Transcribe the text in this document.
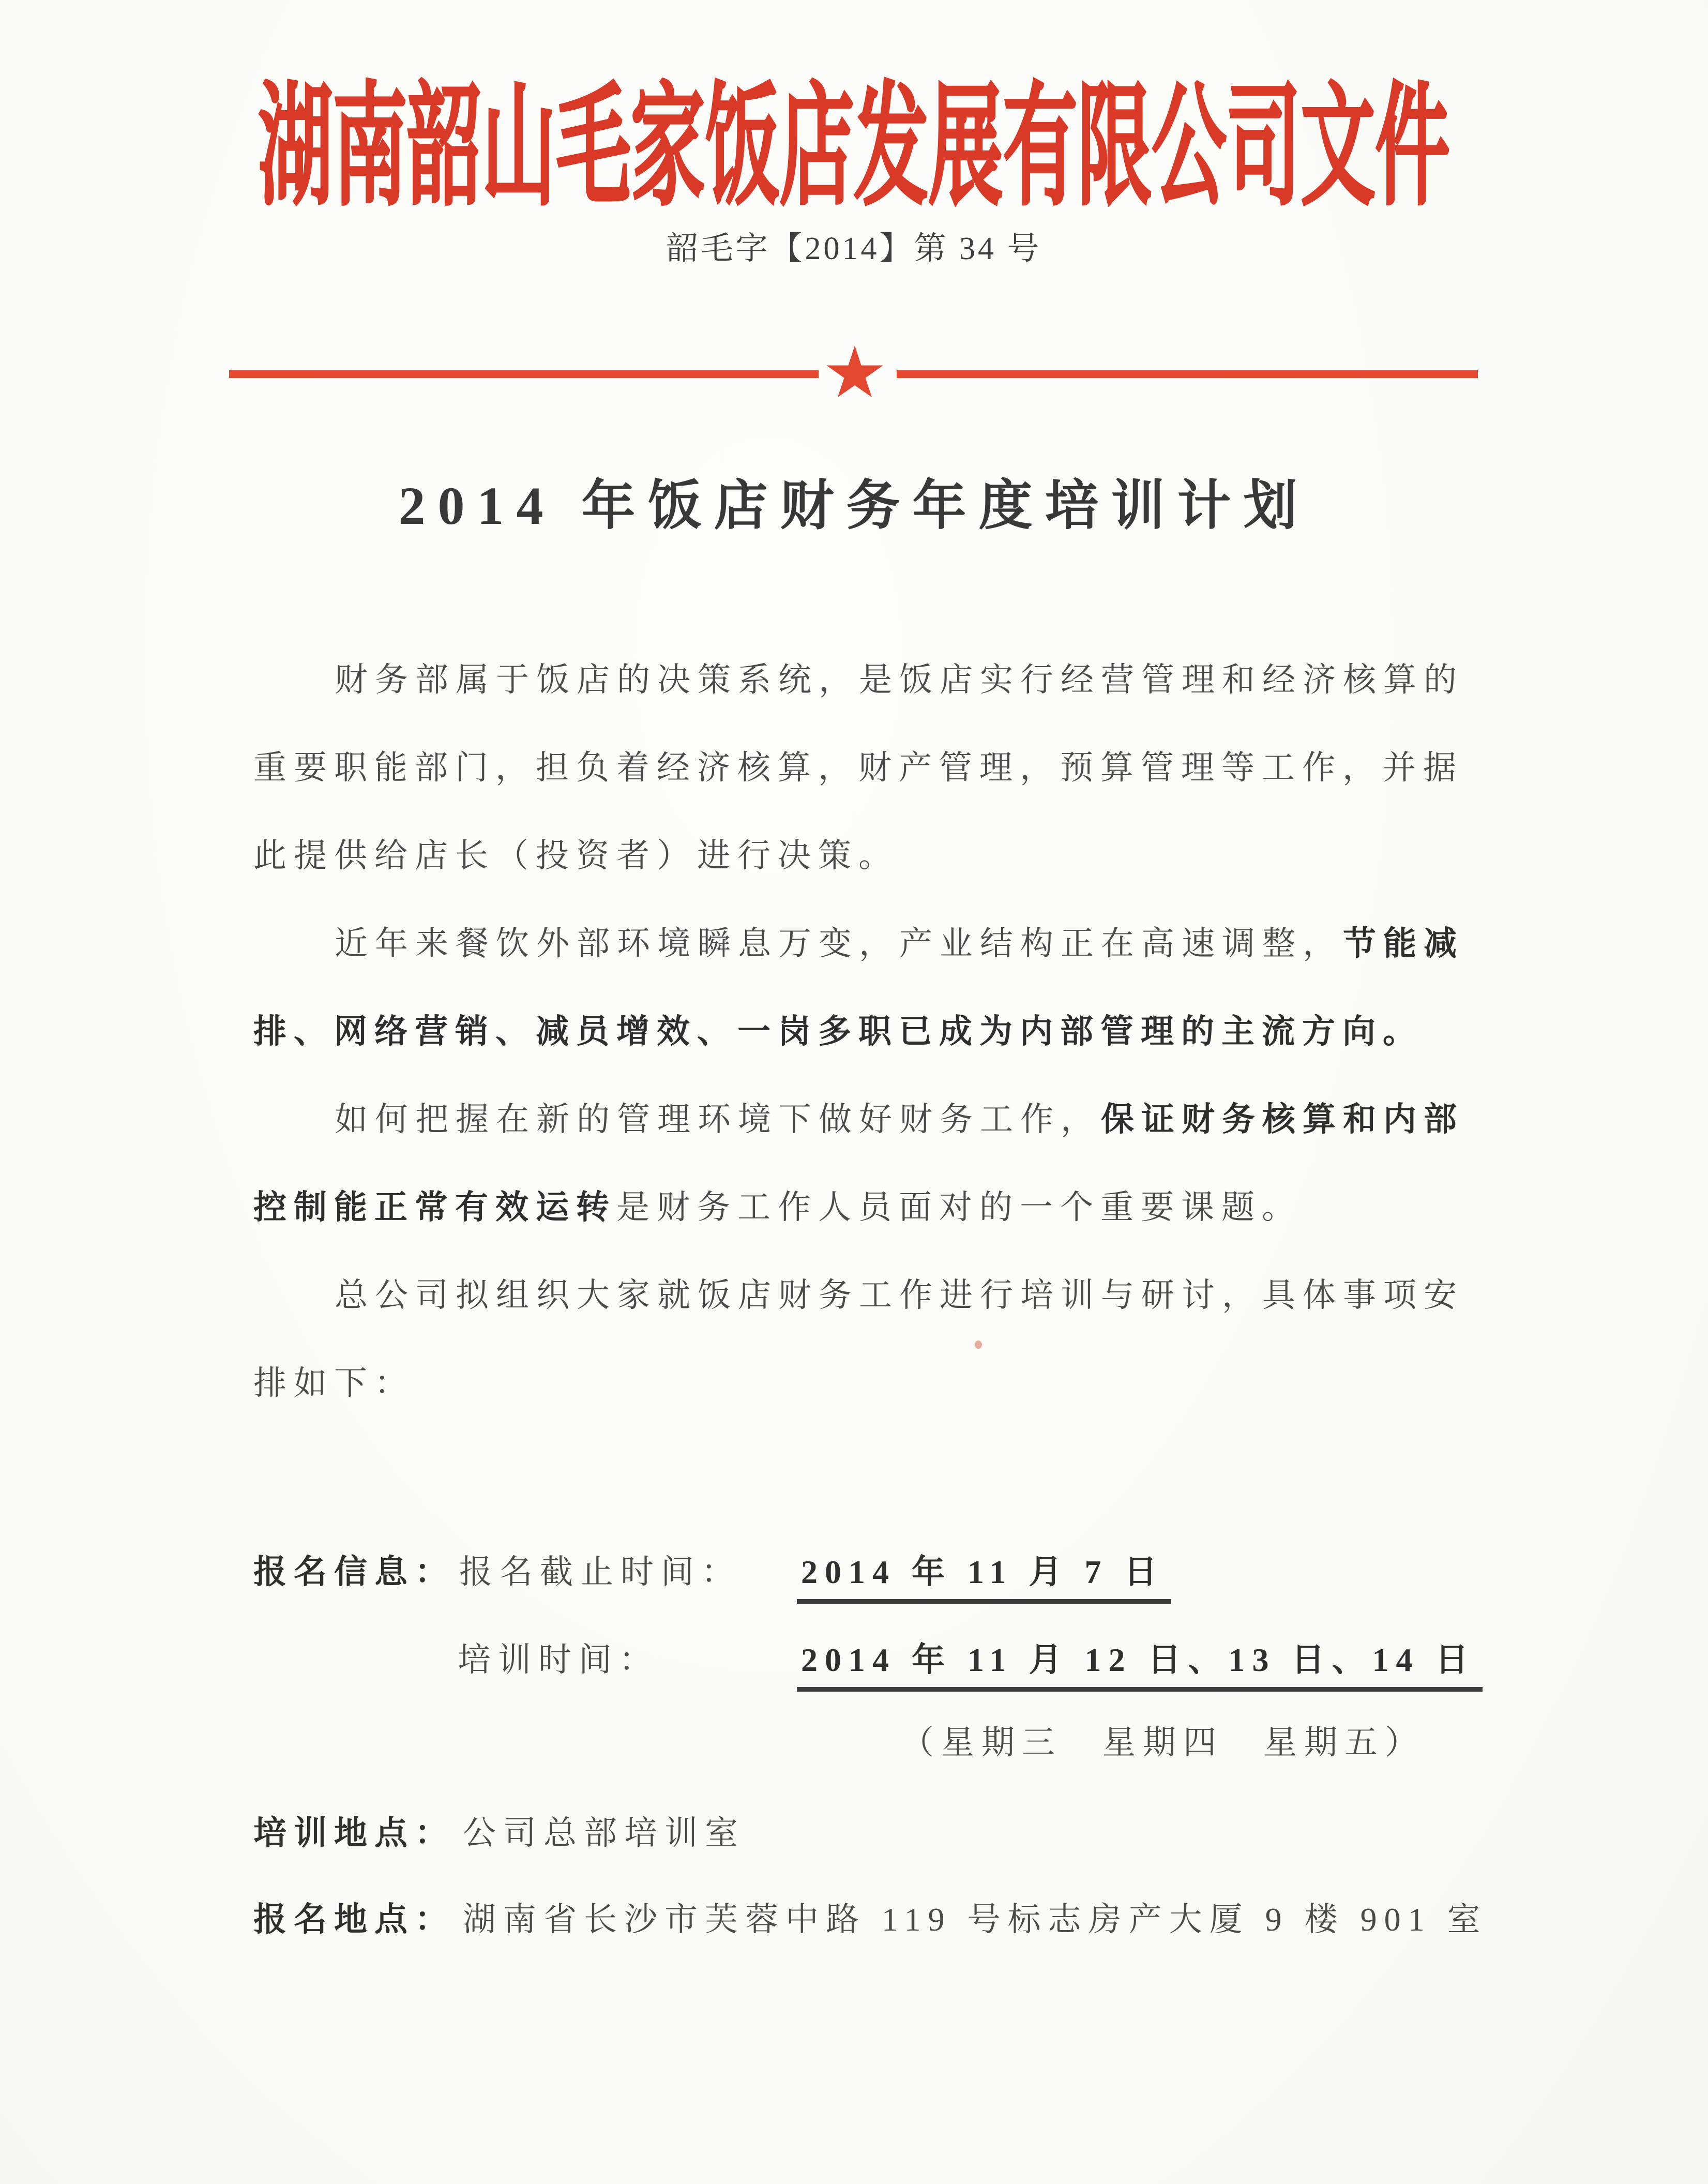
湖南韶山毛家饭店发展有限公司文件
韶毛字【2014】第 34 号
2014 年饭店财务年度培训计划
财务部属于饭店的决策系统，是饭店实行经营管理和经济核算的
重要职能部门，担负着经济核算，财产管理，预算管理等工作，并据
此提供给店长（投资者）进行决策。
近年来餐饮外部环境瞬息万变，产业结构正在高速调整，节能减
排、网络营销、减员增效、一岗多职已成为内部管理的主流方向。
如何把握在新的管理环境下做好财务工作，保证财务核算和内部
控制能正常有效运转是财务工作人员面对的一个重要课题。
总公司拟组织大家就饭店财务工作进行培训与研讨，具体事项安
排如下：
报名信息： 报名截止时间： 2014 年 11 月 7 日
培训时间：	2014 年 11 月 12 日、13 日、14 日
（星期三　星期四　星期五）
培训地点： 公司总部培训室
报名地点： 湖南省长沙市芙蓉中路 119 号标志房产大厦 9 楼 901 室
